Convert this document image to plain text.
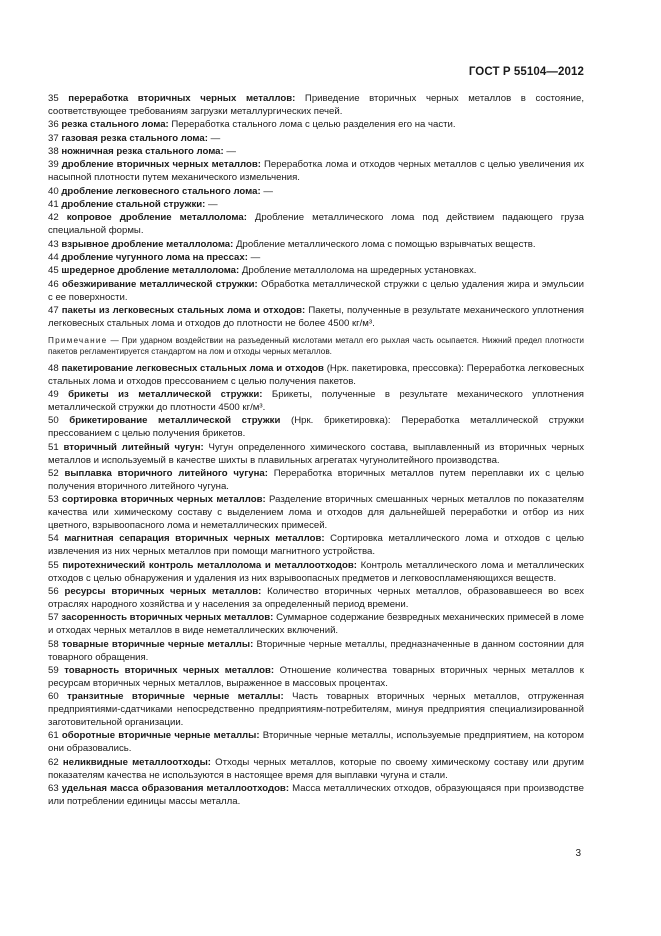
ГОСТ Р 55104—2012
35 переработка вторичных черных металлов: Приведение вторичных черных металлов в состояние, соответствующее требованиям загрузки металлургических печей.
36 резка стального лома: Переработка стального лома с целью разделения его на части.
37 газовая резка стального лома: —
38 ножничная резка стального лома: —
39 дробление вторичных черных металлов: Переработка лома и отходов черных металлов с целью увеличения их насыпной плотности путем механического измельчения.
40 дробление легковесного стального лома: —
41 дробление стальной стружки: —
42 копровое дробление металлолома: Дробление металлического лома под действием падающего груза специальной формы.
43 взрывное дробление металлолома: Дробление металлического лома с помощью взрывчатых веществ.
44 дробление чугунного лома на прессах: —
45 шредерное дробление металлолома: Дробление металлолома на шредерных установках.
46 обезжиривание металлической стружки: Обработка металлической стружки с целью удаления жира и эмульсии с ее поверхности.
47 пакеты из легковесных стальных лома и отходов: Пакеты, полученные в результате механического уплотнения легковесных стальных лома и отходов до плотности не более 4500 кг/м³.
Примечание — При ударном воздействии на разъеденный кислотами металл его рыхлая часть осыпается. Нижний предел плотности пакетов регламентируется стандартом на лом и отходы черных металлов.
48 пакетирование легковесных стальных лома и отходов (Нрк. пакетировка, прессовка): Переработка легковесных стальных лома и отходов прессованием с целью получения пакетов.
49 брикеты из металлической стружки: Брикеты, полученные в результате механического уплотнения металлической стружки до плотности 4500 кг/м³.
50 брикетирование металлической стружки (Нрк. брикетировка): Переработка металлической стружки прессованием с целью получения брикетов.
51 вторичный литейный чугун: Чугун определенного химического состава, выплавленный из вторичных черных металлов и используемый в качестве шихты в плавильных агрегатах чугунолитейного производства.
52 выплавка вторичного литейного чугуна: Переработка вторичных металлов путем переплавки их с целью получения вторичного литейного чугуна.
53 сортировка вторичных черных металлов: Разделение вторичных смешанных черных металлов по показателям качества или химическому составу с выделением лома и отходов для дальнейшей переработки и отбор из них цветного, взрывоопасного лома и неметаллических примесей.
54 магнитная сепарация вторичных черных металлов: Сортировка металлического лома и отходов с целью извлечения из них черных металлов при помощи магнитного устройства.
55 пиротехнический контроль металлолома и металлоотходов: Контроль металлического лома и металлических отходов с целью обнаружения и удаления из них взрывоопасных предметов и легковоспламеняющихся веществ.
56 ресурсы вторичных черных металлов: Количество вторичных черных металлов, образовавшееся во всех отраслях народного хозяйства и у населения за определенный период времени.
57 засоренность вторичных черных металлов: Суммарное содержание безвредных механических примесей в ломе и отходах черных металлов в виде неметаллических включений.
58 товарные вторичные черные металлы: Вторичные черные металлы, предназначенные в данном состоянии для товарного обращения.
59 товарность вторичных черных металлов: Отношение количества товарных вторичных черных металлов к ресурсам вторичных черных металлов, выраженное в массовых процентах.
60 транзитные вторичные черные металлы: Часть товарных вторичных черных металлов, отгруженная предприятиями-сдатчиками непосредственно предприятиям-потребителям, минуя предприятия специализированной заготовительной организации.
61 оборотные вторичные черные металлы: Вторичные черные металлы, используемые предприятием, на котором они образовались.
62 неликвидные металлоотходы: Отходы черных металлов, которые по своему химическому составу или другим показателям качества не используются в настоящее время для выплавки чугуна и стали.
63 удельная масса образования металлоотходов: Масса металлических отходов, образующаяся при производстве или потреблении единицы массы металла.
3
